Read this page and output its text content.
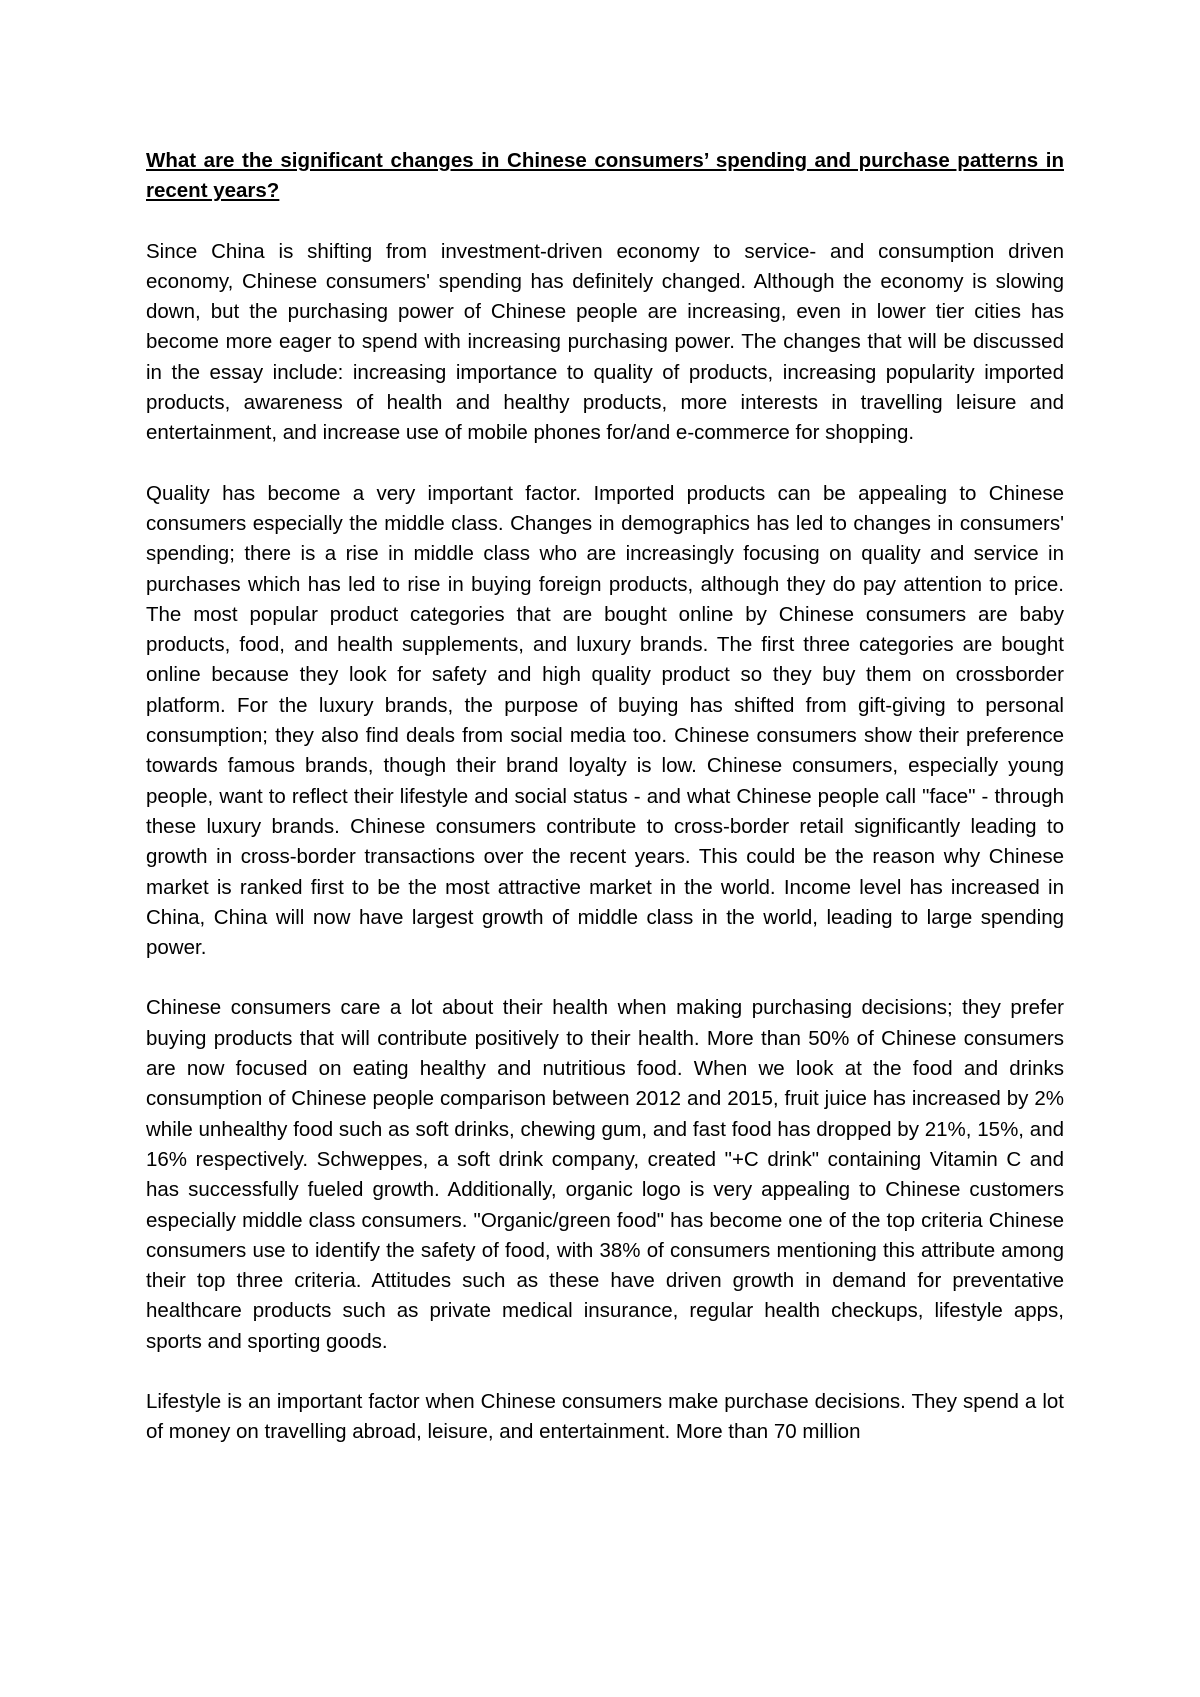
What are the significant changes in Chinese consumers’ spending and purchase patterns in recent years?
Since China is shifting from investment-driven economy to service- and consumption driven economy, Chinese consumers' spending has definitely changed. Although the economy is slowing down, but the purchasing power of Chinese people are increasing, even in lower tier cities has become more eager to spend with increasing purchasing power. The changes that will be discussed in the essay include: increasing importance to quality of products, increasing popularity imported products, awareness of health and healthy products, more interests in travelling leisure and entertainment, and increase use of mobile phones for/and e-commerce for shopping.
Quality has become a very important factor. Imported products can be appealing to Chinese consumers especially the middle class. Changes in demographics has led to changes in consumers' spending; there is a rise in middle class who are increasingly focusing on quality and service in purchases which has led to rise in buying foreign products, although they do pay attention to price. The most popular product categories that are bought online by Chinese consumers are baby products, food, and health supplements, and luxury brands. The first three categories are bought online because they look for safety and high quality product so they buy them on crossborder platform. For the luxury brands, the purpose of buying has shifted from gift-giving to personal consumption; they also find deals from social media too. Chinese consumers show their preference towards famous brands, though their brand loyalty is low. Chinese consumers, especially young people, want to reflect their lifestyle and social status - and what Chinese people call "face" - through these luxury brands. Chinese consumers contribute to cross-border retail significantly leading to growth in cross-border transactions over the recent years. This could be the reason why Chinese market is ranked first to be the most attractive market in the world. Income level has increased in China, China will now have largest growth of middle class in the world, leading to large spending power.
Chinese consumers care a lot about their health when making purchasing decisions; they prefer buying products that will contribute positively to their health. More than 50% of Chinese consumers are now focused on eating healthy and nutritious food. When we look at the food and drinks consumption of Chinese people comparison between 2012 and 2015, fruit juice has increased by 2% while unhealthy food such as soft drinks, chewing gum, and fast food has dropped by 21%, 15%, and 16% respectively. Schweppes, a soft drink company, created "+C drink" containing Vitamin C and has successfully fueled growth. Additionally, organic logo is very appealing to Chinese customers especially middle class consumers. "Organic/green food" has become one of the top criteria Chinese consumers use to identify the safety of food, with 38% of consumers mentioning this attribute among their top three criteria. Attitudes such as these have driven growth in demand for preventative healthcare products such as private medical insurance, regular health checkups, lifestyle apps, sports and sporting goods.
Lifestyle is an important factor when Chinese consumers make purchase decisions. They spend a lot of money on travelling abroad, leisure, and entertainment. More than 70 million
